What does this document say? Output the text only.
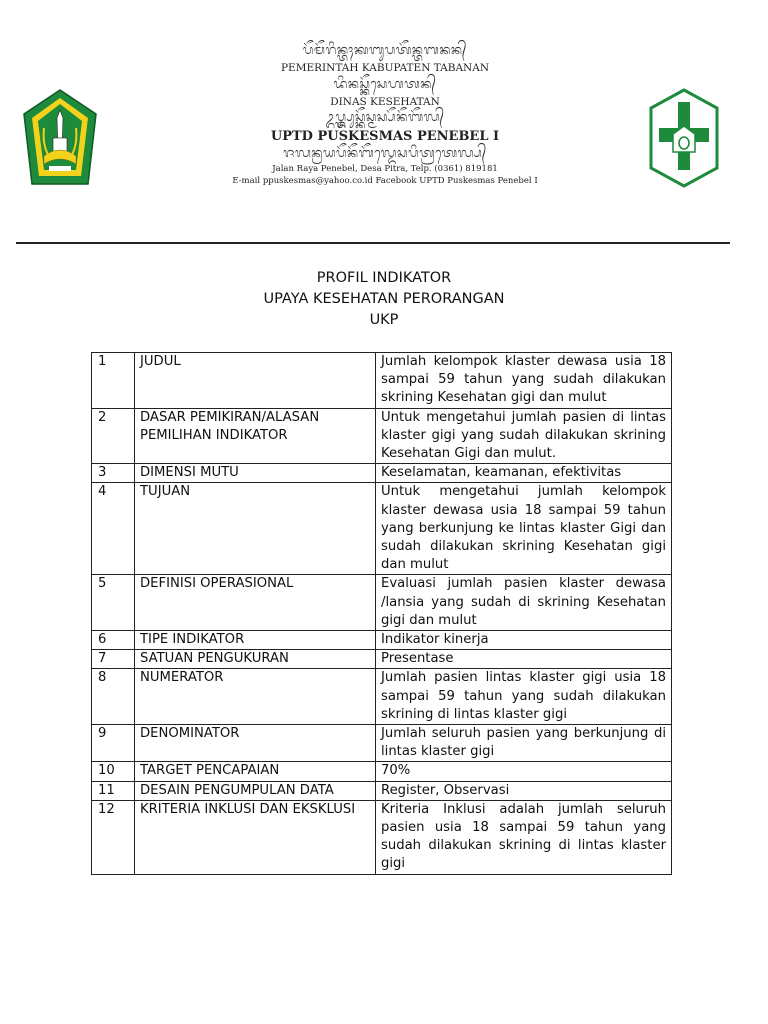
ᬧᭂᬫᭂᬭᬶᬦ᭄ᬢᬄᬓᬩᬸᬧᬢᭂᬦ᭄ᬢᬩᬦᬦ᭄
PEMERINTAH KABUPATEN TABANAN
ᬤᬶᬦᬲ᭄ᬓᭂᬲᬾᬳᬢᬦ᭄
DINAS KESEHATAN
ᬉᬧ᭄ᬢ᭄ᬤ᭄ᬧᬸᬲ᭄ᬓᭂᬲ᭄ᬫᬲ᭄ᬧᭂᬦᭂᬩᭂᬮ᭄
UPTD PUSKESMAS PENEBEL I
ᬚᬮᬦ᭄ᬭᬬᬧᭂᬦᭂᬩᭂᬮ᭄ᬤᬾᬲᬧᬶᬢ᭄ᬭᬢᬾᬮ᭄ᬧ᭄
Jalan Raya Penebel, Desa Pitra, Telp. (0361) 819181
E-mail ppuskesmas@yahoo.co.id Facebook UPTD Puskesmas Penebel I
PROFIL INDIKATOR
UPAYA KESEHATAN PERORANGAN
UKP
1	JUDUL	Jumlah kelompok klaster dewasa usia 18 sampai 59 tahun yang sudah dilakukan skrining Kesehatan gigi dan mulut
2	DASAR PEMIKIRAN/ALASAN PEMILIHAN INDIKATOR	Untuk mengetahui jumlah pasien di lintas klaster gigi yang sudah dilakukan skrining Kesehatan Gigi dan mulut.
3	DIMENSI MUTU	Keselamatan, keamanan, efektivitas
4	TUJUAN	Untuk mengetahui jumlah kelompok klaster dewasa usia 18 sampai 59 tahun yang berkunjung ke lintas klaster Gigi dan sudah dilakukan skrining Kesehatan gigi dan mulut
5	DEFINISI OPERASIONAL	Evaluasi jumlah pasien klaster dewasa /lansia yang sudah di skrining Kesehatan gigi dan mulut
6	TIPE INDIKATOR	Indikator kinerja
7	SATUAN PENGUKURAN	Presentase
8	NUMERATOR	Jumlah pasien lintas klaster gigi usia 18 sampai 59 tahun yang sudah dilakukan skrining di lintas klaster gigi
9	DENOMINATOR	Jumlah seluruh pasien yang berkunjung di lintas klaster gigi
10	TARGET PENCAPAIAN	70%
11	DESAIN PENGUMPULAN DATA	Register, Observasi
12	KRITERIA INKLUSI DAN EKSKLUSI	Kriteria Inklusi adalah jumlah seluruh pasien usia 18 sampai 59 tahun yang sudah dilakukan skrining di lintas klaster gigi
